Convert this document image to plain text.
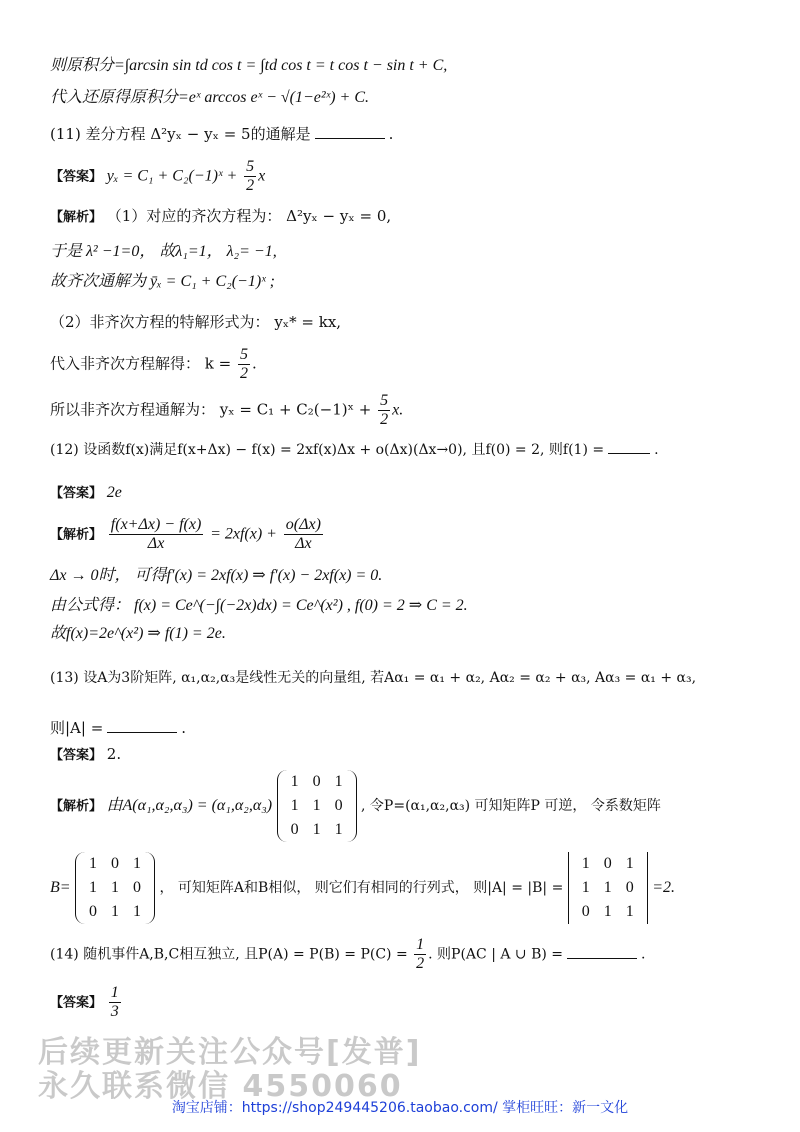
则原积分=∫arcsin sin td cos t = ∫td cos t = t cos t − sin t + C,
代入还原得原积分=eˣ arccos eˣ − √(1−e²ˣ) + C.
(11) 差分方程 Δ²yₓ − yₓ = 5的通解是	.
【答案】 yₓ = C₁ + C₂(−1)ˣ + $\frac{5}{2}$ x
【解析】 （1）对应的齐次方程为： Δ²yₓ − yₓ = 0,
于是 λ² −1=0， 故λ₁=1， λ₂= −1,
故齐次通解为 ȳₓ = C₁ + C₂(−1)ˣ ;
（2）非齐次方程的特解形式为： yₓ* = kx,
代入非齐次方程解得： $k = \frac{5}{2}$ .
所以非齐次方程通解为： yₓ = C₁ + C₂(−1)ˣ + $\frac{5}{2} x$.
(12) 设函数f(x)满足f(x+Δx) − f(x) = 2xf(x)Δx + o(Δx)(Δx→0), 且f(0) = 2, 则f(1) =	.
【答案】 2e
【解析】 $\frac{f(x+\Delta x) - f(x)}{\Delta x} = 2xf(x) + \frac{o(\Delta x)}{\Delta x}$
Δx → 0时， 可得f′(x) = 2xf(x) ⇒ f′(x) − 2xf(x) = 0.
由公式得： f(x) = Ce^(−∫(−2x)dx) = Ce^(x²) , f(0) = 2 ⇒ C = 2.
故f(x)=2e^(x²) ⇒ f(1) = 2e.
(13) 设A为3阶矩阵, α₁,α₂,α₃是线性无关的向量组, 若Aα₁ = α₁ + α₂, Aα₂ = α₂ + α₃, Aα₃ = α₁ + α₃,
则|A| =	.
【答案】 2.
【解析】 由A(α₁,α₂,α₃) = (α₁,α₂,α₃)
1 0 1
1 1 0
0 1 1
, 令P=(α₁,α₂,α₃) 可知矩阵P 可逆， 令系数矩阵
B=
1 0 1
1 1 0
0 1 1
， 可知矩阵A和B相似， 则它们有相同的行列式， 则|A| = |B| =
1 0 1
1 1 0
0 1 1
=2.
(14) 随机事件A,B,C相互独立, 且$P(A) = P(B) = P(C) = \frac{1}{2}$ . 则P(AC | A ∪ B) =	.
【答案】 $\frac{1}{3}$
后续更新关注公众号[发普]
永久联系微信 4550060
淘宝店铺：https://shop249445206.taobao.com/ 掌柜旺旺：新一文化
